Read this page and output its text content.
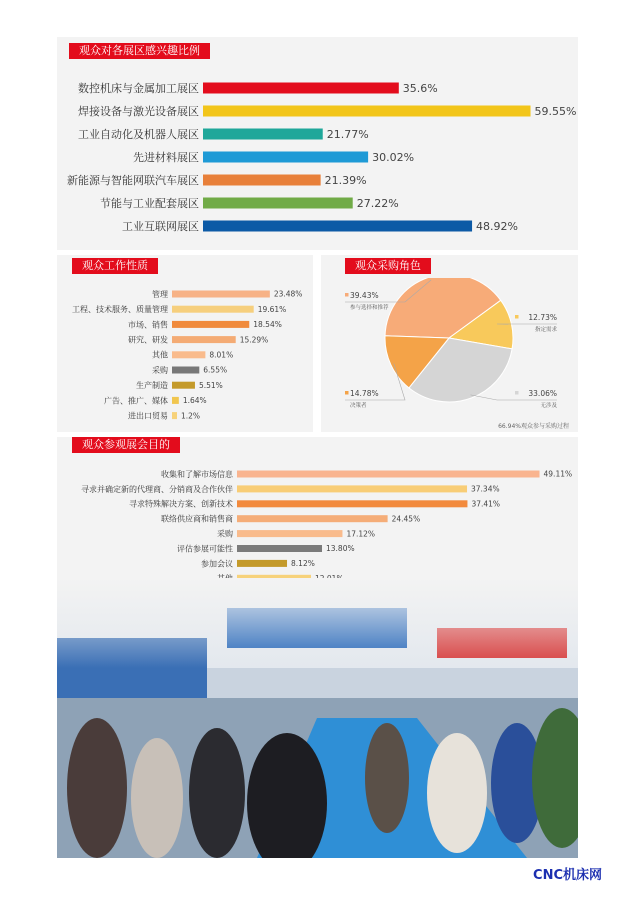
观众对各展区感兴趣比例
观众工作性质	观众采购角色
观众参观展会目的
数控机床与金属加工展区	35.6%
焊接设备与激光设备展区	59.55%
工业自动化及机器人展区	21.77%
先进材料展区	30.02%
新能源与智能网联汽车展区	21.39%
节能与工业配套展区	27.22%
工业互联网展区	48.92%
管理	23.48%
工程、技术服务、质量管理	19.61%
市场、销售	18.54%
研究、研发	15.29%
其他	8.01%
采购	6.55%
生产制造	5.51%
广告、推广、媒体 1.64%
进出口贸易 1.2%
39.43%
参与选择和推荐
12.73%
指定需求
33.06%
无涉及
14.78%
决策者
66.94%观众参与采购过程
收集和了解市场信息	49.11%
寻求并确定新的代理商、分销商及合作伙伴	37.34%
寻求特殊解决方案、创新技术	37.41%
联络供应商和销售商	24.45%
采购	17.12%
评估参展可能性	13.80%
参加会议	8.12%
CNC机床网
